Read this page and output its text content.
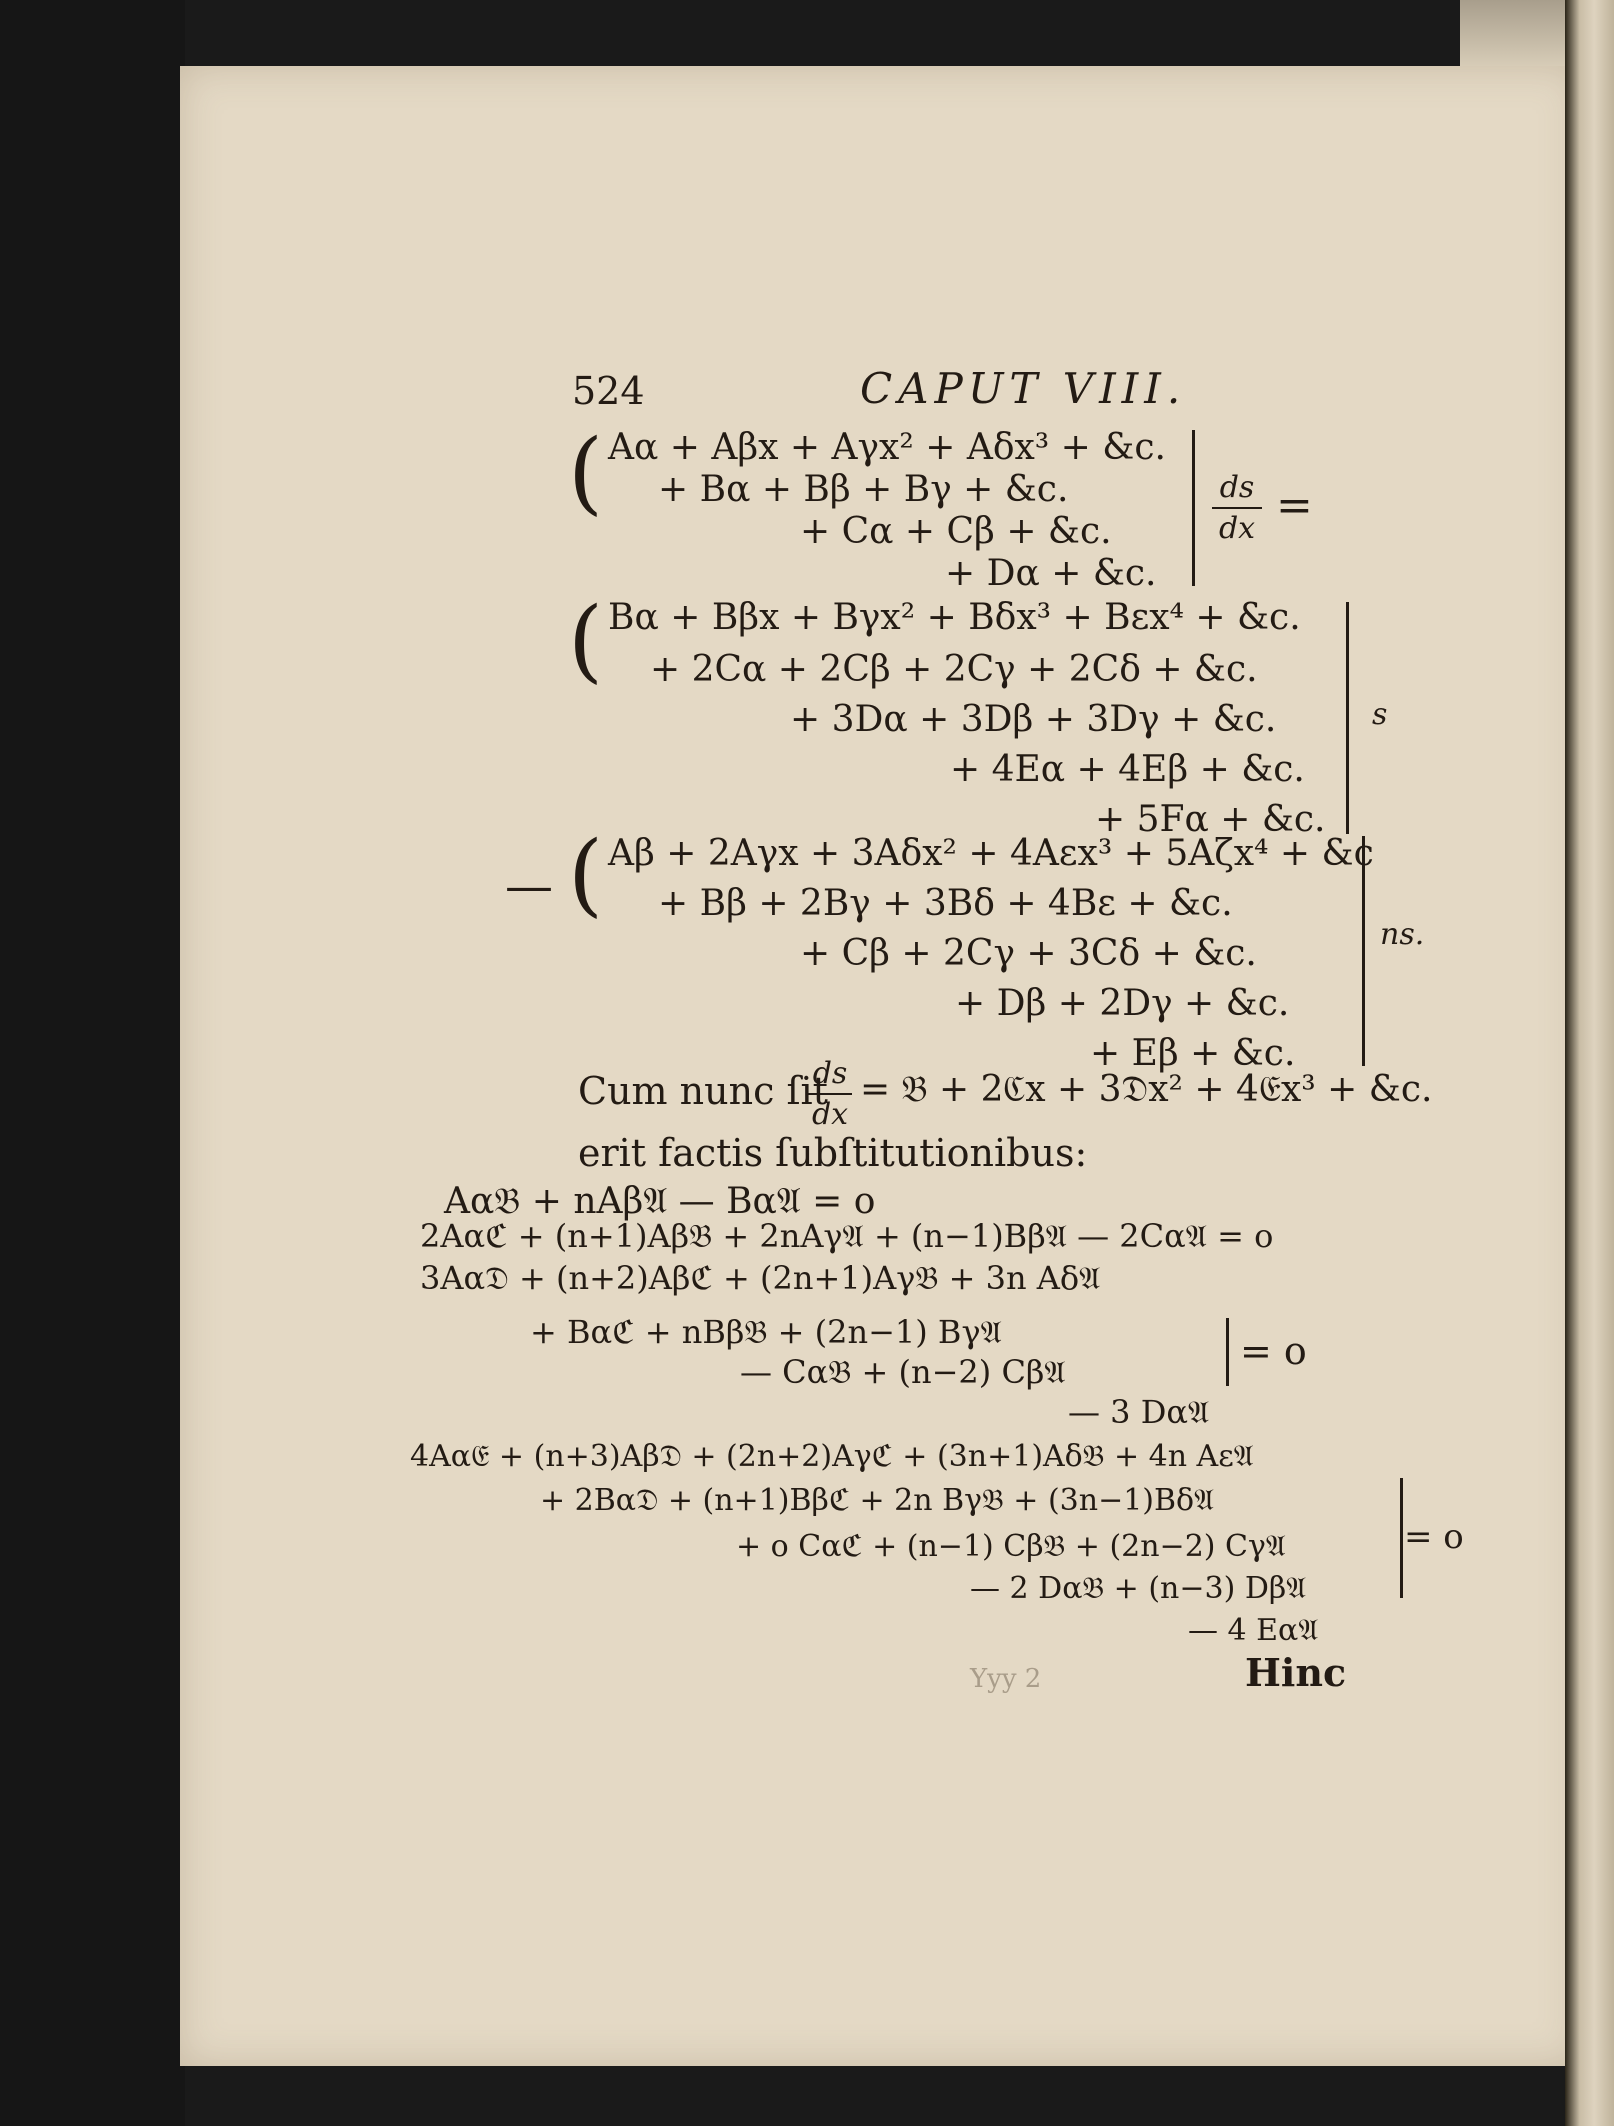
524	CAPUT VIII.
( Aα + Aβx + Aγx² + Aδx³ + &c.
+ Bα + Bβ + Bγ + &c.
+ Cα + Cβ + &c.
+ Dα + &c.
ds
dx =
( Bα + Bβx + Bγx² + Bδx³ + Bεx⁴ + &c.
+ 2Cα + 2Cβ + 2Cγ + 2Cδ + &c.
+ 3Dα + 3Dβ + 3Dγ + &c.
+ 4Eα + 4Eβ + &c.
+ 5Fα + &c.
s
— ( Aβ + 2Aγx + 3Aδx² + 4Aεx³ + 5Aζx⁴ + &c
+ Bβ + 2Bγ + 3Bδ + 4Bε + &c.
+ Cβ + 2Cγ + 3Cδ + &c.
+ Dβ + 2Dγ + &c.
+ Eβ + &c.
ns.
Cum nunc ſit
ds
dx
= 𝔅 + 2ℭx + 3𝔇x² + 4𝔈x³ + &c.
erit factis ſubſtitutionibus:
Aα𝔅 + nAβ𝔄 — Bα𝔄 = o
2Aαℭ + (n+1)Aβ𝔅 + 2nAγ𝔄 + (n−1)Bβ𝔄 — 2Cα𝔄 = o
3Aα𝔇 + (n+2)Aβℭ + (2n+1)Aγ𝔅 + 3n Aδ𝔄
+ Bαℭ + nBβ𝔅 + (2n−1) Bγ𝔄
— Cα𝔅 + (n−2) Cβ𝔄
— 3 Dα𝔄
= o
4Aα𝔈 + (n+3)Aβ𝔇 + (2n+2)Aγℭ + (3n+1)Aδ𝔅 + 4n Aε𝔄
+ 2Bα𝔇 + (n+1)Bβℭ + 2n Bγ𝔅 + (3n−1)Bδ𝔄
+ o Cαℭ + (n−1) Cβ𝔅 + (2n−2) Cγ𝔄
— 2 Dα𝔅 + (n−3) Dβ𝔄
— 4 Eα𝔄
= o
Hinc
Yyy 2
